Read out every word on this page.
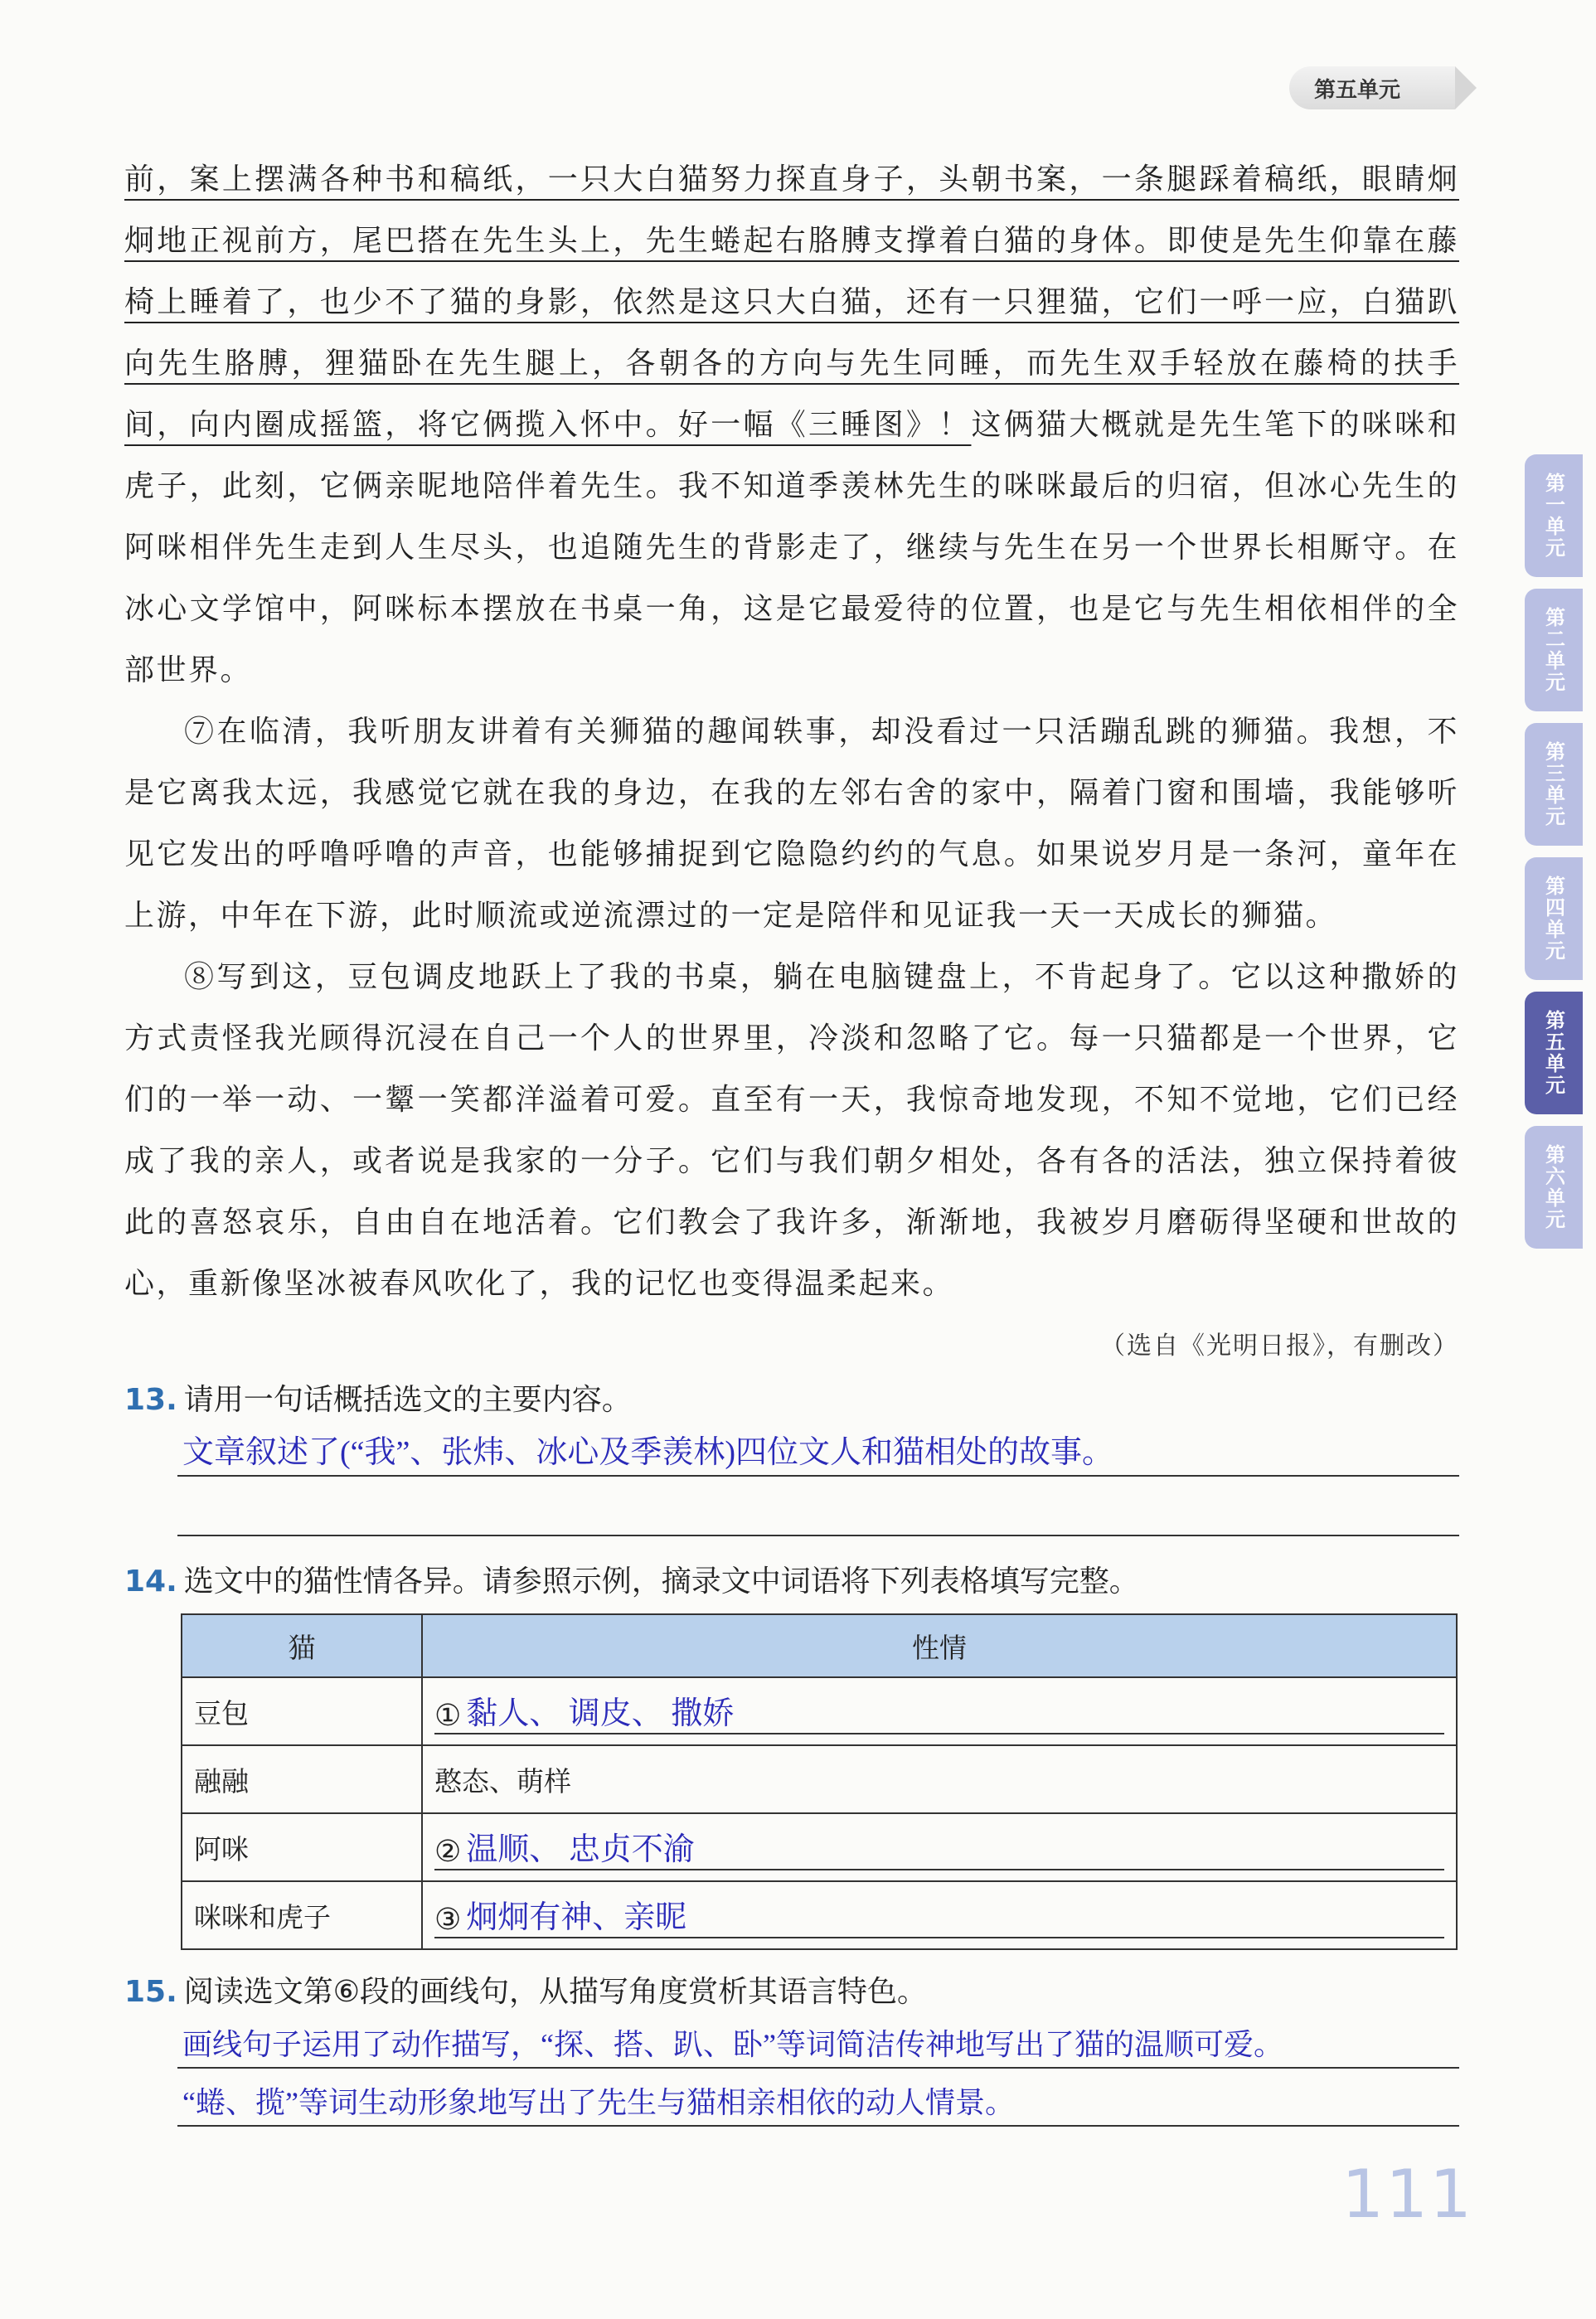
第五单元
第一单元
第二单元
第三单元
第四单元
第五单元
第六单元

前，案上摆满各种书和稿纸，一只大白猫努力探直身子，头朝书案，一条腿踩着稿纸，眼睛炯炯地正视前方，尾巴搭在先生头上，先生蜷起右胳膊支撑着白猫的身体。即使是先生仰靠在藤椅上睡着了，也少不了猫的身影，依然是这只大白猫，还有一只狸猫，它们一呼一应，白猫趴向先生胳膊，狸猫卧在先生腿上，各朝各的方向与先生同睡，而先生双手轻放在藤椅的扶手间，向内圈成摇篮，将它俩揽入怀中。好一幅《三睡图》！这俩猫大概就是先生笔下的咪咪和虎子，此刻，它俩亲昵地陪伴着先生。我不知道季羡林先生的咪咪最后的归宿，但冰心先生的阿咪相伴先生走到人生尽头，也追随先生的背影走了，继续与先生在另一个世界长相厮守。在冰心文学馆中，阿咪标本摆放在书桌一角，这是它最爱待的位置，也是它与先生相依相伴的全部世界。

⑦在临清，我听朋友讲着有关狮猫的趣闻轶事，却没看过一只活蹦乱跳的狮猫。我想，不是它离我太远，我感觉它就在我的身边，在我的左邻右舍的家中，隔着门窗和围墙，我能够听见它发出的呼噜呼噜的声音，也能够捕捉到它隐隐约约的气息。如果说岁月是一条河，童年在上游，中年在下游，此时顺流或逆流漂过的一定是陪伴和见证我一天一天成长的狮猫。

⑧写到这，豆包调皮地跃上了我的书桌，躺在电脑键盘上，不肯起身了。它以这种撒娇的方式责怪我光顾得沉浸在自己一个人的世界里，冷淡和忽略了它。每一只猫都是一个世界，它们的一举一动、一颦一笑都洋溢着可爱。直至有一天，我惊奇地发现，不知不觉地，它们已经成了我的亲人，或者说是我家的一分子。它们与我们朝夕相处，各有各的活法，独立保持着彼此的喜怒哀乐，自由自在地活着。它们教会了我许多，渐渐地，我被岁月磨砺得坚硬和世故的心，重新像坚冰被春风吹化了，我的记忆也变得温柔起来。

（选自《光明日报》，有删改）
13. 请用一句话概括选文的主要内容。
文章叙述了(“我”、张炜、冰心及季羡林)四位文人和猫相处的故事。
14. 选文中的猫性情各异。请参照示例，摘录文中词语将下列表格填写完整。
猫	性情
豆包	① 黏人、 调皮、 撒娇

融融	憨态、萌样
阿咪	② 温顺、 忠贞不渝

咪咪和虎子	③ 炯炯有神、亲昵
15. 阅读选文第⑥段的画线句，从描写角度赏析其语言特色。
画线句子运用了动作描写，“探、搭、趴、卧”等词简洁传神地写出了猫的温顺可爱。
“蜷、揽”等词生动形象地写出了先生与猫相亲相依的动人情景。
111
